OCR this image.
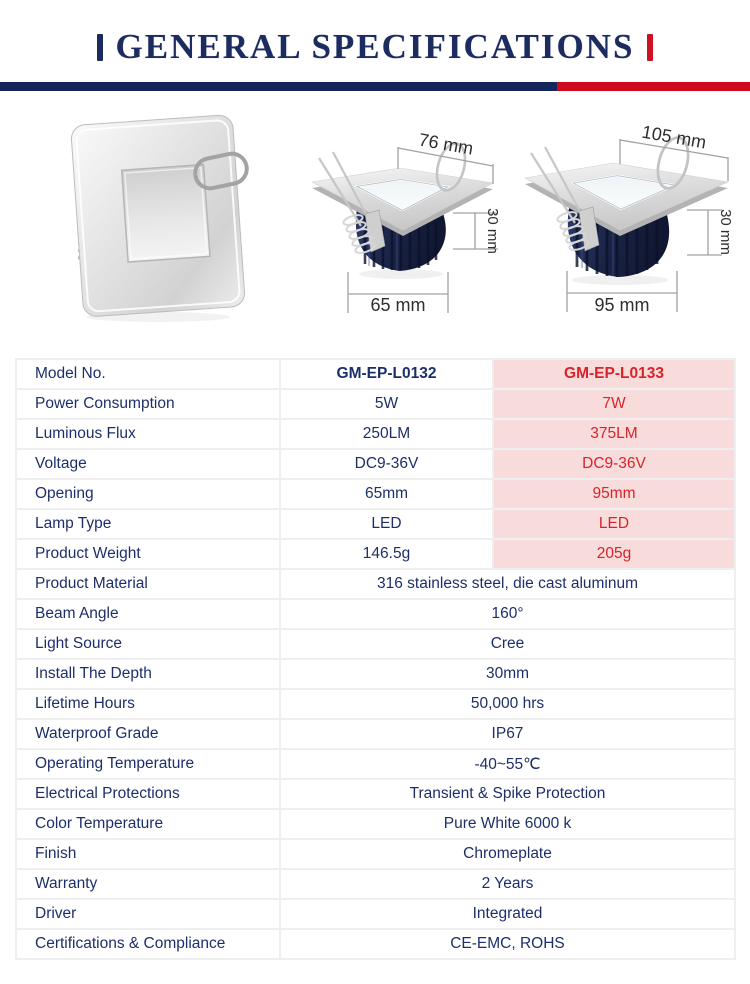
GENERAL SPECIFICATIONS
76 mm
30 mm
65 mm
105 mm
30 mm
95 mm
Model No.	GM-EP-L0132	GM-EP-L0133
Power Consumption	5W	7W
Luminous Flux	250LM	375LM
Voltage	DC9-36V	DC9-36V
Opening	65mm	95mm
Lamp Type	LED	LED
Product Weight	146.5g	205g
Product Material	316 stainless steel, die cast aluminum	
Beam Angle	160°	
Light Source	Cree	
Install The Depth	30mm	
Lifetime Hours	50,000 hrs	
Waterproof Grade	IP67	
Operating Temperature	-40~55℃	
Electrical Protections	Transient & Spike Protection	
Color Temperature	Pure White 6000 k	
Finish	Chromeplate	
Warranty	2 Years	
Driver	Integrated	
Certifications & Compliance	CE-EMC, ROHS	
